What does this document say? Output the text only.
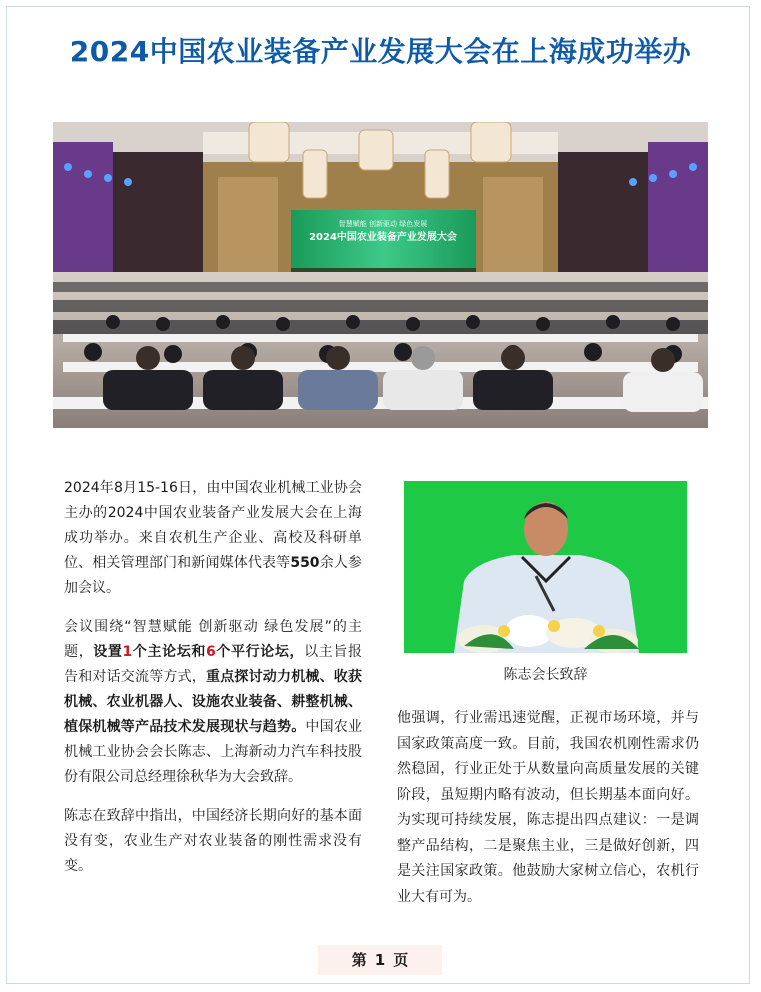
2024中国农业装备产业发展大会在上海成功举办
智慧赋能 创新驱动 绿色发展
2024中国农业装备产业发展大会

2024年8月15-16日，由中国农业机械工业协会主办的2024中国农业装备产业发展大会在上海成功举办。来自农机生产企业、高校及科研单位、相关管理部门和新闻媒体代表等550余人参加会议。

会议围绕“智慧赋能 创新驱动 绿色发展”的主题，设置1个主论坛和6个平行论坛，以主旨报告和对话交流等方式，重点探讨动力机械、收获机械、农业机器人、设施农业装备、耕整机械、植保机械等产品技术发展现状与趋势。中国农业机械工业协会会长陈志、上海新动力汽车科技股份有限公司总经理徐秋华为大会致辞。

陈志在致辞中指出，中国经济长期向好的基本面没有变，农业生产对农业装备的刚性需求没有变。

陈志会长致辞

他强调，行业需迅速觉醒，正视市场环境，并与国家政策高度一致。目前，我国农机刚性需求仍然稳固，行业正处于从数量向高质量发展的关键阶段，虽短期内略有波动，但长期基本面向好。为实现可持续发展，陈志提出四点建议：一是调整产品结构，二是聚焦主业，三是做好创新，四是关注国家政策。他鼓励大家树立信心，农机行业大有可为。

第 1 页
